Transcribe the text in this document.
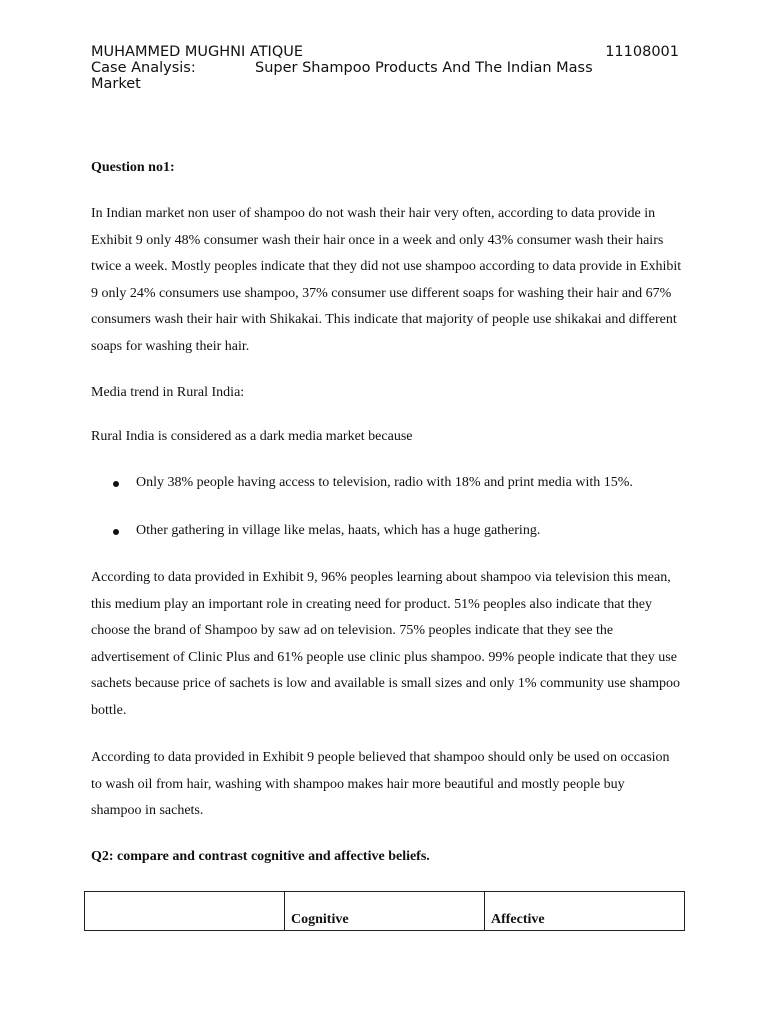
MUHAMMED MUGHNI ATIQUE	11108001
Case Analysis:	Super Shampoo Products And The Indian Mass
Market
Question no1:

In Indian market non user of shampoo do not wash their hair very often, according to data provide in Exhibit 9 only 48% consumer wash their hair once in a week and only 43% consumer wash their hairs twice a week. Mostly peoples indicate that they did not use shampoo according to data provide in Exhibit 9 only 24% consumers use shampoo, 37% consumer use different soaps for washing their hair and 67% consumers wash their hair with Shikakai. This indicate that majority of people use shikakai and different soaps for washing their hair.

Media trend in Rural India:

Rural India is considered as a dark media market because

Only 38% people having access to television, radio with 18% and print media with 15%.
Other gathering in village like melas, haats, which has a huge gathering.

According to data provided in Exhibit 9, 96% peoples learning about shampoo via television this mean, this medium play an important role in creating need for product. 51% peoples also indicate that they choose the brand of Shampoo by saw ad on television. 75% peoples indicate that they see the advertisement of Clinic Plus and 61% people use clinic plus shampoo. 99% people indicate that they use sachets because price of sachets is low and available is small sizes and only 1% community use shampoo bottle.

According to data provided in Exhibit 9 people believed that shampoo should only be used on occasion to wash oil from hair, washing with shampoo makes hair more beautiful and mostly people buy shampoo in sachets.

Q2: compare and contrast cognitive and affective beliefs.
	Cognitive	Affective
